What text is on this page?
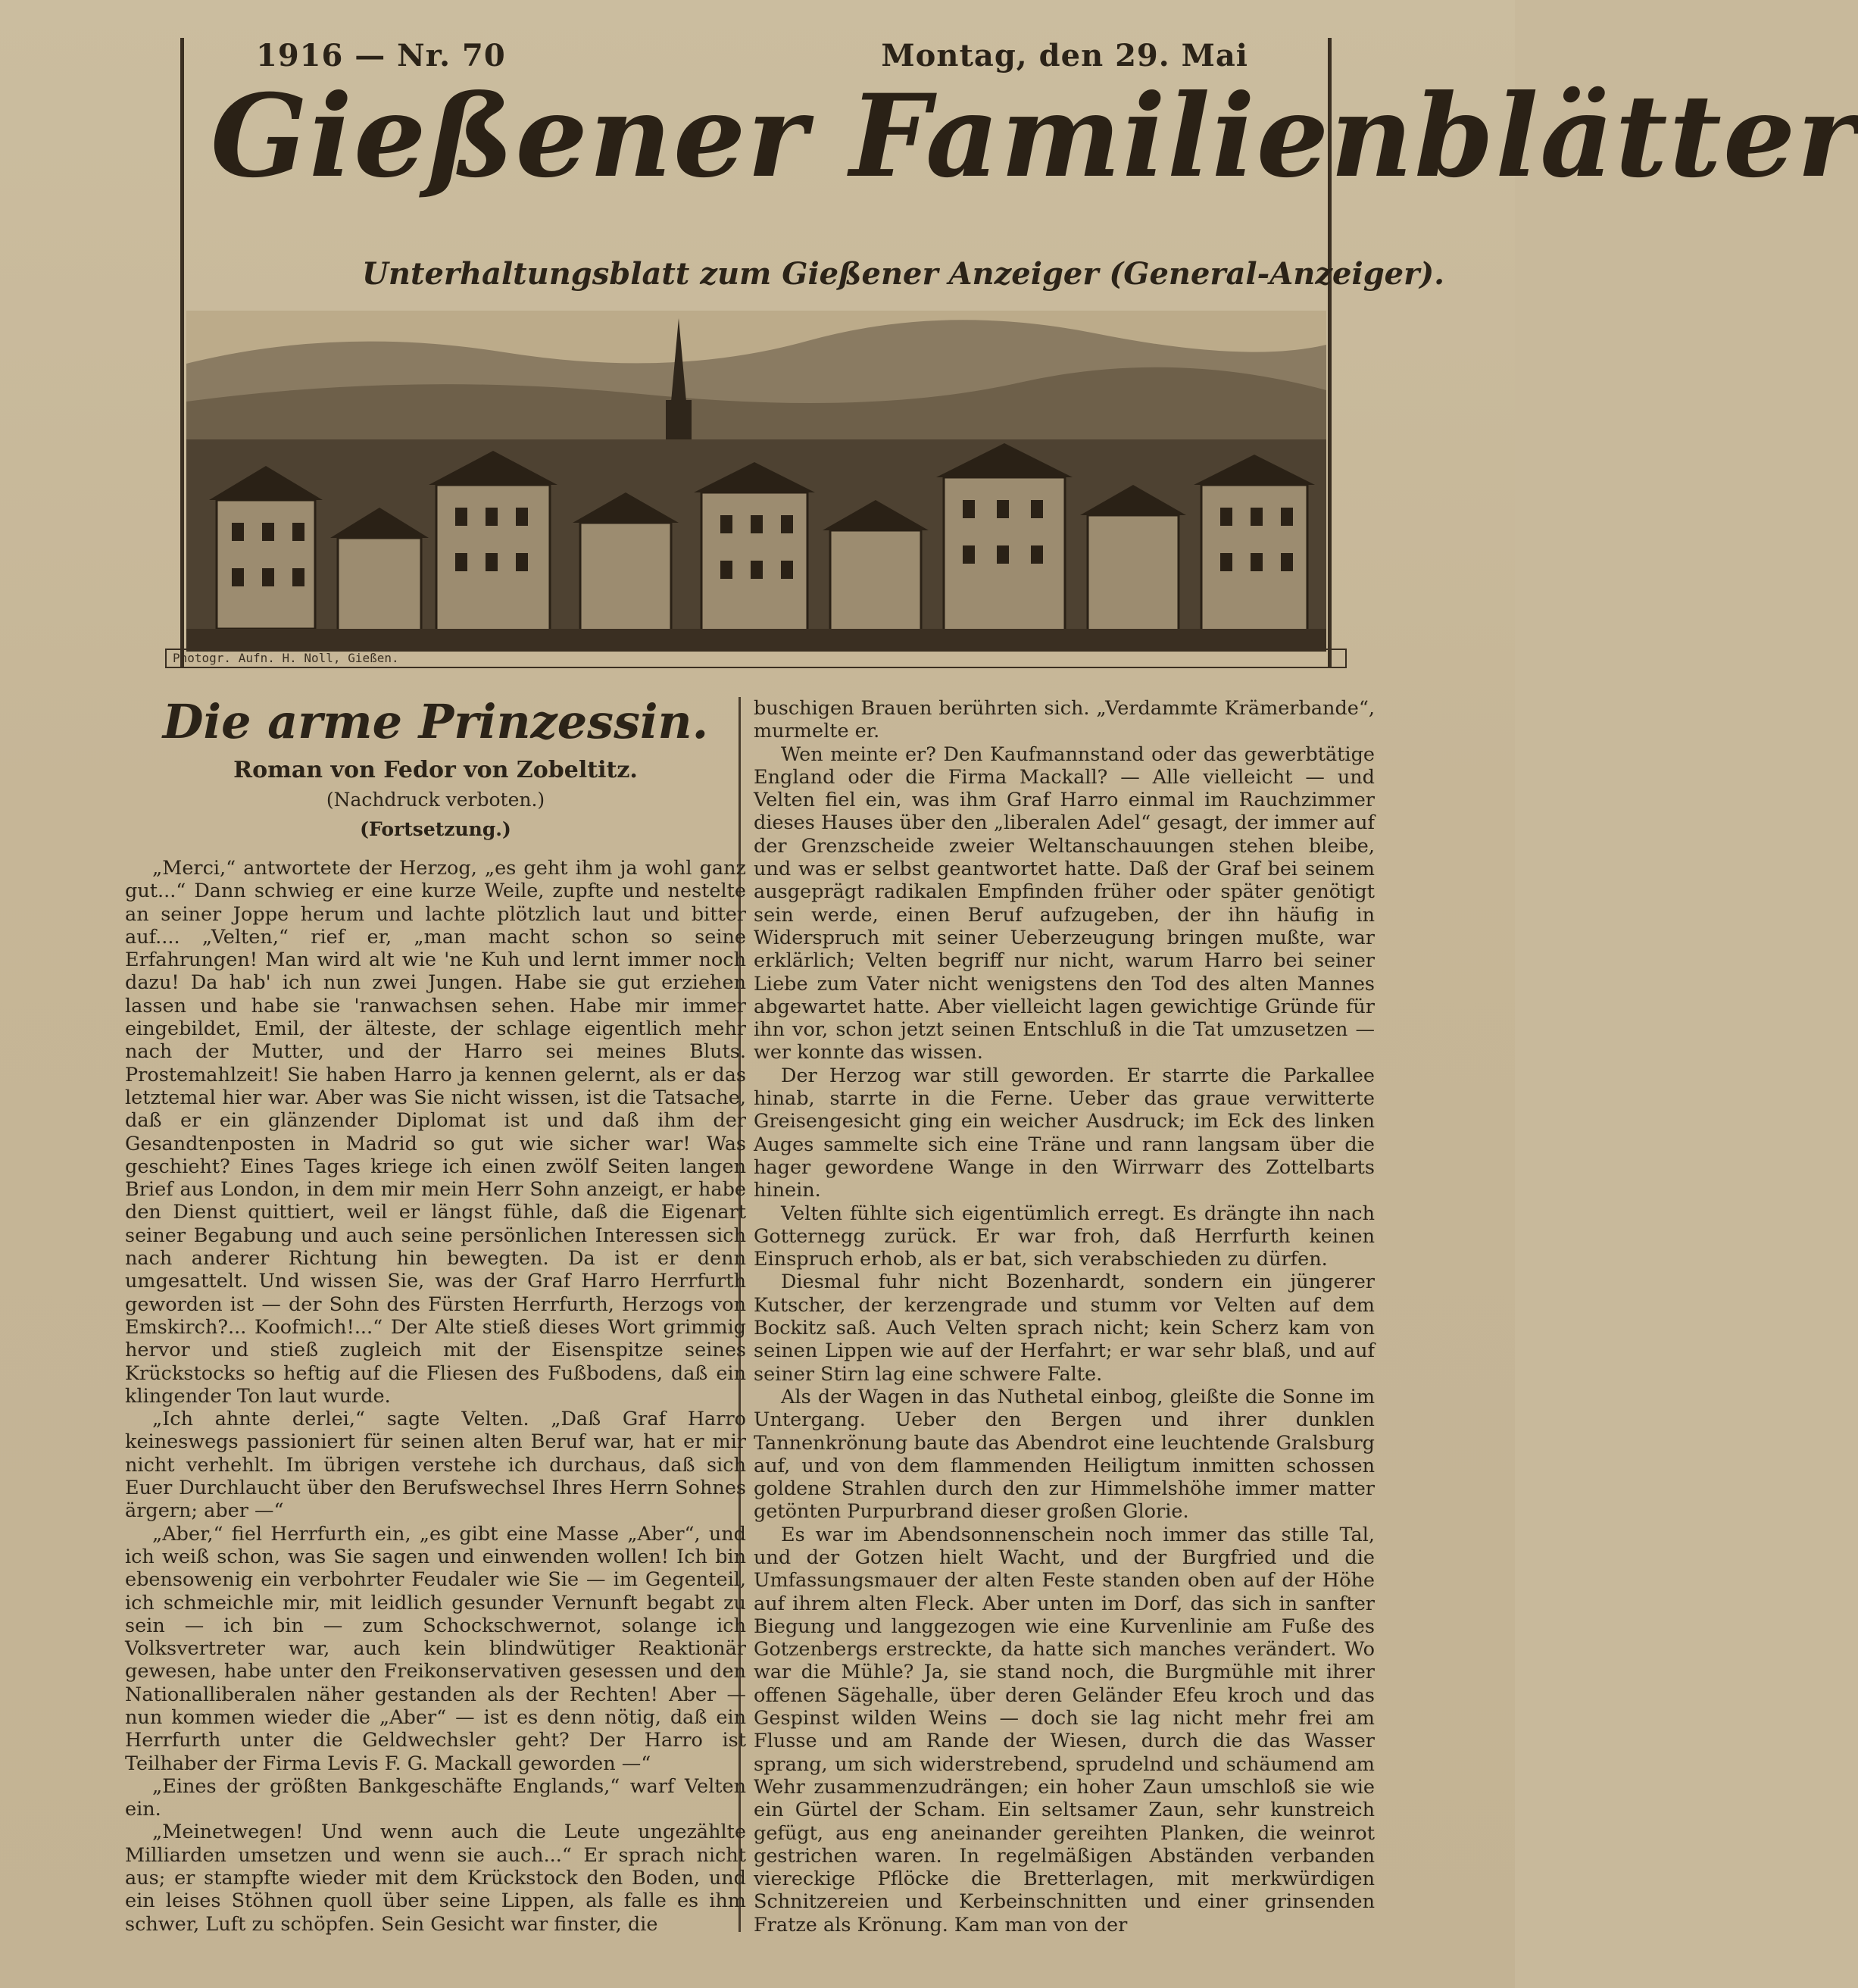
1916 — Nr. 70	Montag, den 29. Mai
Gießener Familienblätter
Unterhaltungsblatt zum Gießener Anzeiger (General-Anzeiger).
Photogr. Aufn. H. Noll, Gießen.
Die arme Prinzessin.
Roman von Fedor von Zobeltitz.
(Nachdruck verboten.)
(Fortsetzung.)

„Merci,“ antwortete der Herzog, „es geht ihm ja wohl ganz gut...“ Dann schwieg er eine kurze Weile, zupfte und nestelte an seiner Joppe herum und lachte plötzlich laut und bitter auf.... „Velten,“ rief er, „man macht schon so seine Erfahrungen! Man wird alt wie 'ne Kuh und lernt immer noch dazu! Da hab' ich nun zwei Jungen. Habe sie gut erziehen lassen und habe sie 'ranwachsen sehen. Habe mir immer eingebildet, Emil, der älteste, der schlage eigentlich mehr nach der Mutter, und der Harro sei meines Bluts. Prostemahlzeit! Sie haben Harro ja kennen gelernt, als er das letztemal hier war. Aber was Sie nicht wissen, ist die Tatsache, daß er ein glänzender Diplomat ist und daß ihm der Gesandtenposten in Madrid so gut wie sicher war! Was geschieht? Eines Tages kriege ich einen zwölf Seiten langen Brief aus London, in dem mir mein Herr Sohn anzeigt, er habe den Dienst quittiert, weil er längst fühle, daß die Eigenart seiner Begabung und auch seine persönlichen Interessen sich nach anderer Richtung hin bewegten. Da ist er denn umgesattelt. Und wissen Sie, was der Graf Harro Herrfurth geworden ist — der Sohn des Fürsten Herrfurth, Herzogs von Emskirch?... Koofmich!...“ Der Alte stieß dieses Wort grimmig hervor und stieß zugleich mit der Eisenspitze seines Krückstocks so heftig auf die Fliesen des Fußbodens, daß ein klingender Ton laut wurde.

„Ich ahnte derlei,“ sagte Velten. „Daß Graf Harro keineswegs passioniert für seinen alten Beruf war, hat er mir nicht verhehlt. Im übrigen verstehe ich durchaus, daß sich Euer Durchlaucht über den Berufswechsel Ihres Herrn Sohnes ärgern; aber —“

„Aber,“ fiel Herrfurth ein, „es gibt eine Masse „Aber“, und ich weiß schon, was Sie sagen und einwenden wollen! Ich bin ebensowenig ein verbohrter Feudaler wie Sie — im Gegenteil, ich schmeichle mir, mit leidlich gesunder Vernunft begabt zu sein — ich bin — zum Schockschwernot, solange ich Volksvertreter war, auch kein blindwütiger Reaktionär gewesen, habe unter den Freikonservativen gesessen und den Nationalliberalen näher gestanden als der Rechten! Aber — nun kommen wieder die „Aber“ — ist es denn nötig, daß ein Herrfurth unter die Geldwechsler geht? Der Harro ist Teilhaber der Firma Levis F. G. Mackall geworden —“

„Eines der größten Bankgeschäfte Englands,“ warf Velten ein.

„Meinetwegen! Und wenn auch die Leute ungezählte Milliarden umsetzen und wenn sie auch...“ Er sprach nicht aus; er stampfte wieder mit dem Krückstock den Boden, und ein leises Stöhnen quoll über seine Lippen, als falle es ihm schwer, Luft zu schöpfen. Sein Gesicht war finster, die

buschigen Brauen berührten sich. „Verdammte Krämerbande“, murmelte er.

Wen meinte er? Den Kaufmannstand oder das gewerbtätige England oder die Firma Mackall? — Alle vielleicht — und Velten fiel ein, was ihm Graf Harro einmal im Rauchzimmer dieses Hauses über den „liberalen Adel“ gesagt, der immer auf der Grenzscheide zweier Weltanschauungen stehen bleibe, und was er selbst geantwortet hatte. Daß der Graf bei seinem ausgeprägt radikalen Empfinden früher oder später genötigt sein werde, einen Beruf aufzugeben, der ihn häufig in Widerspruch mit seiner Ueberzeugung bringen mußte, war erklärlich; Velten begriff nur nicht, warum Harro bei seiner Liebe zum Vater nicht wenigstens den Tod des alten Mannes abgewartet hatte. Aber vielleicht lagen gewichtige Gründe für ihn vor, schon jetzt seinen Entschluß in die Tat umzusetzen — wer konnte das wissen.

Der Herzog war still geworden. Er starrte die Parkallee hinab, starrte in die Ferne. Ueber das graue verwitterte Greisengesicht ging ein weicher Ausdruck; im Eck des linken Auges sammelte sich eine Träne und rann langsam über die hager gewordene Wange in den Wirrwarr des Zottelbarts hinein.

Velten fühlte sich eigentümlich erregt. Es drängte ihn nach Gotternegg zurück. Er war froh, daß Herrfurth keinen Einspruch erhob, als er bat, sich verabschieden zu dürfen.

Diesmal fuhr nicht Bozenhardt, sondern ein jüngerer Kutscher, der kerzengrade und stumm vor Velten auf dem Bockitz saß. Auch Velten sprach nicht; kein Scherz kam von seinen Lippen wie auf der Herfahrt; er war sehr blaß, und auf seiner Stirn lag eine schwere Falte.

Als der Wagen in das Nuthetal einbog, gleißte die Sonne im Untergang. Ueber den Bergen und ihrer dunklen Tannenkrönung baute das Abendrot eine leuchtende Gralsburg auf, und von dem flammenden Heiligtum inmitten schossen goldene Strahlen durch den zur Himmelshöhe immer matter getönten Purpurbrand dieser großen Glorie.

Es war im Abendsonnenschein noch immer das stille Tal, und der Gotzen hielt Wacht, und der Burgfried und die Umfassungsmauer der alten Feste standen oben auf der Höhe auf ihrem alten Fleck. Aber unten im Dorf, das sich in sanfter Biegung und langgezogen wie eine Kurvenlinie am Fuße des Gotzenbergs erstreckte, da hatte sich manches verändert. Wo war die Mühle? Ja, sie stand noch, die Burgmühle mit ihrer offenen Sägehalle, über deren Geländer Efeu kroch und das Gespinst wilden Weins — doch sie lag nicht mehr frei am Flusse und am Rande der Wiesen, durch die das Wasser sprang, um sich widerstrebend, sprudelnd und schäumend am Wehr zusammenzudrängen; ein hoher Zaun umschloß sie wie ein Gürtel der Scham. Ein seltsamer Zaun, sehr kunstreich gefügt, aus eng aneinander gereihten Planken, die weinrot gestrichen waren. In regelmäßigen Abständen verbanden viereckige Pflöcke die Bretterlagen, mit merkwürdigen Schnitzereien und Kerbeinschnitten und einer grinsenden Fratze als Krönung. Kam man von der
